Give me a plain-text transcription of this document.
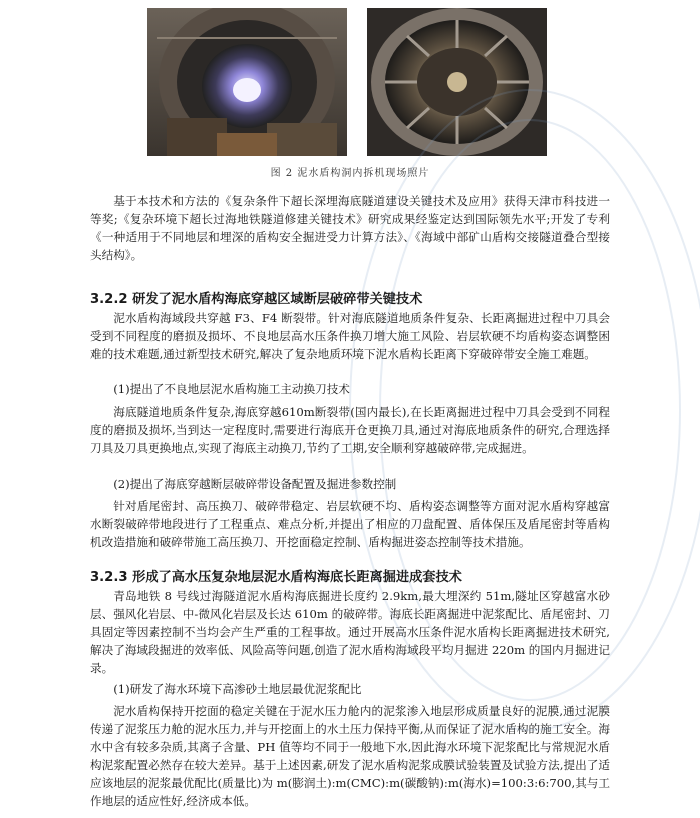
图 2 泥水盾构洞内拆机现场照片

基于本技术和方法的《复杂条件下超长深埋海底隧道建设关键技术及应用》获得天津市科技进一等奖;《复杂环境下超长过海地铁隧道修建关键技术》研究成果经鉴定达到国际领先水平;开发了专利《一种适用于不同地层和埋深的盾构安全掘进受力计算方法》、《海域中部矿山盾构交接隧道叠合型接头结构》。

3.2.2 研发了泥水盾构海底穿越区域断层破碎带关键技术

泥水盾构海域段共穿越 F3、F4 断裂带。针对海底隧道地质条件复杂、长距离掘进过程中刀具会受到不同程度的磨损及损坏、不良地层高水压条件换刀增大施工风险、岩层软硬不均盾构姿态调整困难的技术难题,通过新型技术研究,解决了复杂地质环境下泥水盾构长距离下穿破碎带安全施工难题。

(1)提出了不良地层泥水盾构施工主动换刀技术

海底隧道地质条件复杂,海底穿越610m断裂带(国内最长),在长距离掘进过程中刀具会受到不同程度的磨损及损坏,当到达一定程度时,需要进行海底开仓更换刀具,通过对海底地质条件的研究,合理选择刀具及刀具更换地点,实现了海底主动换刀,节约了工期,安全顺利穿越破碎带,完成掘进。

(2)提出了海底穿越断层破碎带设备配置及掘进参数控制

针对盾尾密封、高压换刀、破碎带稳定、岩层软硬不均、盾构姿态调整等方面对泥水盾构穿越富水断裂破碎带地段进行了工程重点、难点分析,并提出了相应的刀盘配置、盾体保压及盾尾密封等盾构机改造措施和破碎带施工高压换刀、开挖面稳定控制、盾构掘进姿态控制等技术措施。

3.2.3 形成了高水压复杂地层泥水盾构海底长距离掘进成套技术

青岛地铁 8 号线过海隧道泥水盾构海底掘进长度约 2.9km,最大埋深约 51m,隧址区穿越富水砂层、强风化岩层、中-微风化岩层及长达 610m 的破碎带。海底长距离掘进中泥浆配比、盾尾密封、刀具固定等因素控制不当均会产生严重的工程事故。通过开展高水压条件泥水盾构长距离掘进技术研究,解决了海域段掘进的效率低、风险高等问题,创造了泥水盾构海域段平均月掘进 220m 的国内月掘进记录。

(1)研发了海水环境下高渗砂土地层最优泥浆配比

泥水盾构保持开挖面的稳定关键在于泥水压力舱内的泥浆渗入地层形成质量良好的泥膜,通过泥膜传递了泥浆压力舱的泥水压力,并与开挖面上的水土压力保持平衡,从而保证了泥水盾构的施工安全。海水中含有较多杂质,其离子含量、PH 值等均不同于一般地下水,因此海水环境下泥浆配比与常规泥水盾构泥浆配置必然存在较大差异。基于上述因素,研发了泥水盾构泥浆成膜试验装置及试验方法,提出了适应该地层的泥浆最优配比(质量比)为 m(膨润土):m(CMC):m(碳酸钠):m(海水)=100:3:6:700,其与工作地层的适应性好,经济成本低。
